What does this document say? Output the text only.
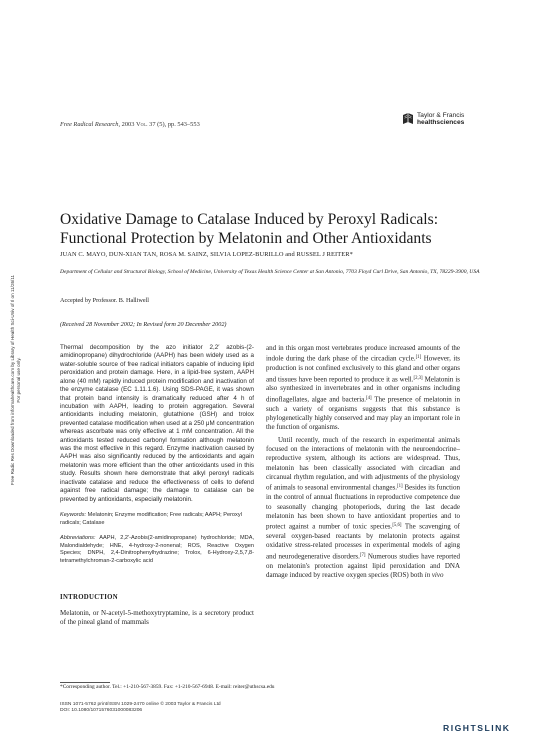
Free Radic Res Downloaded from informahealthcare.com by Library of Health Sci-Univ of Il on 11/26/11 For personal use only.
Free Radical Research, 2003 Vol. 37 (5), pp. 543–553
Taylor & Francis
healthsciences
Oxidative Damage to Catalase Induced by Peroxyl Radicals:
Functional Protection by Melatonin and Other Antioxidants
JUAN C. MAYO, DUN-XIAN TAN, ROSA M. SAINZ, SILVIA LOPEZ-BURILLO and RUSSEL J REITER*
Department of Cellular and Structural Biology, School of Medicine, University of Texas Health Science Center at San Antonio, 7703 Floyd Curl Drive, San Antonio, TX, 78229-3900, USA
Accepted by Professor. B. Halliwell
(Received 28 November 2002; In Revised form 20 December 2002)

Thermal decomposition by the azo initiator 2,2′ azobis-(2-amidinopropane) dihydrochloride (AAPH) has been widely used as a water-soluble source of free radical initiators capable of inducing lipid peroxidation and protein damage. Here, in a lipid-free system, AAPH alone (40 mM) rapidly induced protein modification and inactivation of the enzyme catalase (EC 1.11.1.6). Using SDS-PAGE, it was shown that protein band intensity is dramatically reduced after 4 h of incubation with AAPH, leading to protein aggregation. Several antioxidants including melatonin, glutathione (GSH) and trolox prevented catalase modification when used at a 250 μM concentration whereas ascorbate was only effective at 1 mM concentration. All the antioxidants tested reduced carbonyl formation although melatonin was the most effective in this regard. Enzyme inactivation caused by AAPH was also significantly reduced by the antioxidants and again melatonin was more efficient than the other antioxidants used in this study. Results shown here demonstrate that alkyl peroxyl radicals inactivate catalase and reduce the effectiveness of cells to defend against free radical damage; the damage to catalase can be prevented by antioxidants, especially melatonin.

Keywords: Melatonin; Enzyme modification; Free radicals; AAPH; Peroxyl radicals; Catalase

Abbreviations: AAPH, 2,2′-Azobis(2-amidinopropane) hydrochloride; MDA, Malondialdehyde; HNE, 4-hydroxy-2-nonenal; ROS, Reactive Oxygen Species; DNPH, 2,4-Dinitrophenylhydrazine; Trolox, 6-Hydroxy-2,5,7,8-tetramethylchroman-2-carboxylic acid

INTRODUCTION

Melatonin, or N-acetyl-5-methoxytryptamine, is a secretory product of the pineal gland of mammals

and in this organ most vertebrates produce increased amounts of the indole during the dark phase of the circadian cycle.[1] However, its production is not confined exclusively to this gland and other organs and tissues have been reported to produce it as well.[2,3] Melatonin is also synthesized in invertebrates and in other organisms including dinoflagellates, algae and bacteria.[4] The presence of melatonin in such a variety of organisms suggests that this substance is phylogenetically highly conserved and may play an important role in the function of organisms.

Until recently, much of the research in experimental animals focused on the interactions of melatonin with the neuroendocrine–reproductive system, although its actions are widespread. Thus, melatonin has been classically associated with circadian and circanual rhythm regulation, and with adjustments of the physiology of animals to seasonal environmental changes.[1] Besides its function in the control of annual fluctuations in reproductive competence due to seasonally changing photoperiods, during the last decade melatonin has been shown to have antioxidant properties and to protect against a number of toxic species.[5,6] The scavenging of several oxygen-based reactants by melatonin protects against oxidative stress-related processes in experimental models of aging and neurodegenerative disorders.[7] Numerous studies have reported on melatonin's protection against lipid peroxidation and DNA damage induced by reactive oxygen species (ROS) both in vivo

*Corresponding author. Tel.: +1-210-567-3859. Fax: +1-210-567-6948. E-mail: reiter@uthscsa.edu
ISSN 1071-5762 print/ISSN 1029-2470 online © 2003 Taylor & Francis Ltd
DOI: 10.1080/1071576031000083206
RIGHTSLINK
